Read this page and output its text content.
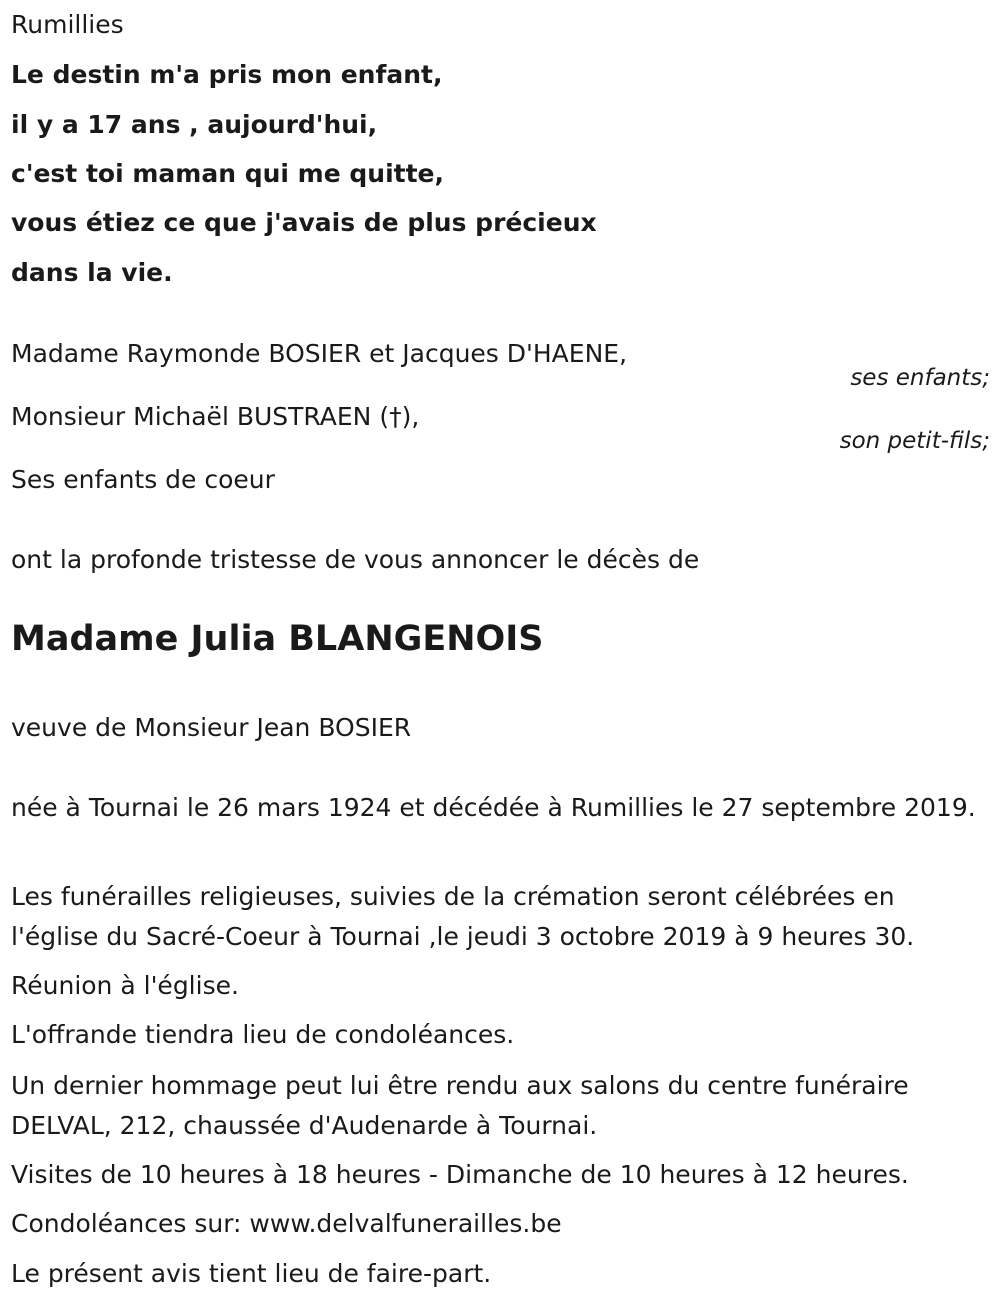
Rumillies
Le destin m'a pris mon enfant,
il y a 17 ans , aujourd'hui,
c'est toi maman qui me quitte,
vous étiez ce que j'avais de plus précieux
dans la vie.
Madame Raymonde BOSIER et Jacques D'HAENE,
ses enfants;
Monsieur Michaël BUSTRAEN (†),
son petit-fils;
Ses enfants de coeur
ont la profonde tristesse de vous annoncer le décès de
Madame Julia BLANGENOIS
veuve de Monsieur Jean BOSIER
née à Tournai le 26 mars 1924 et décédée à Rumillies le 27 septembre 2019.
Les funérailles religieuses, suivies de la crémation seront célébrées en l'église du Sacré-Coeur à Tournai ,le jeudi 3 octobre 2019 à 9 heures 30.
Réunion à l'église.
L'offrande tiendra lieu de condoléances.
Un dernier hommage peut lui être rendu aux salons du centre funéraire DELVAL, 212, chaussée d'Audenarde à Tournai.
Visites de 10 heures à 18 heures - Dimanche de 10 heures à 12 heures.
Condoléances sur: www.delvalfunerailles.be
Le présent avis tient lieu de faire-part.
